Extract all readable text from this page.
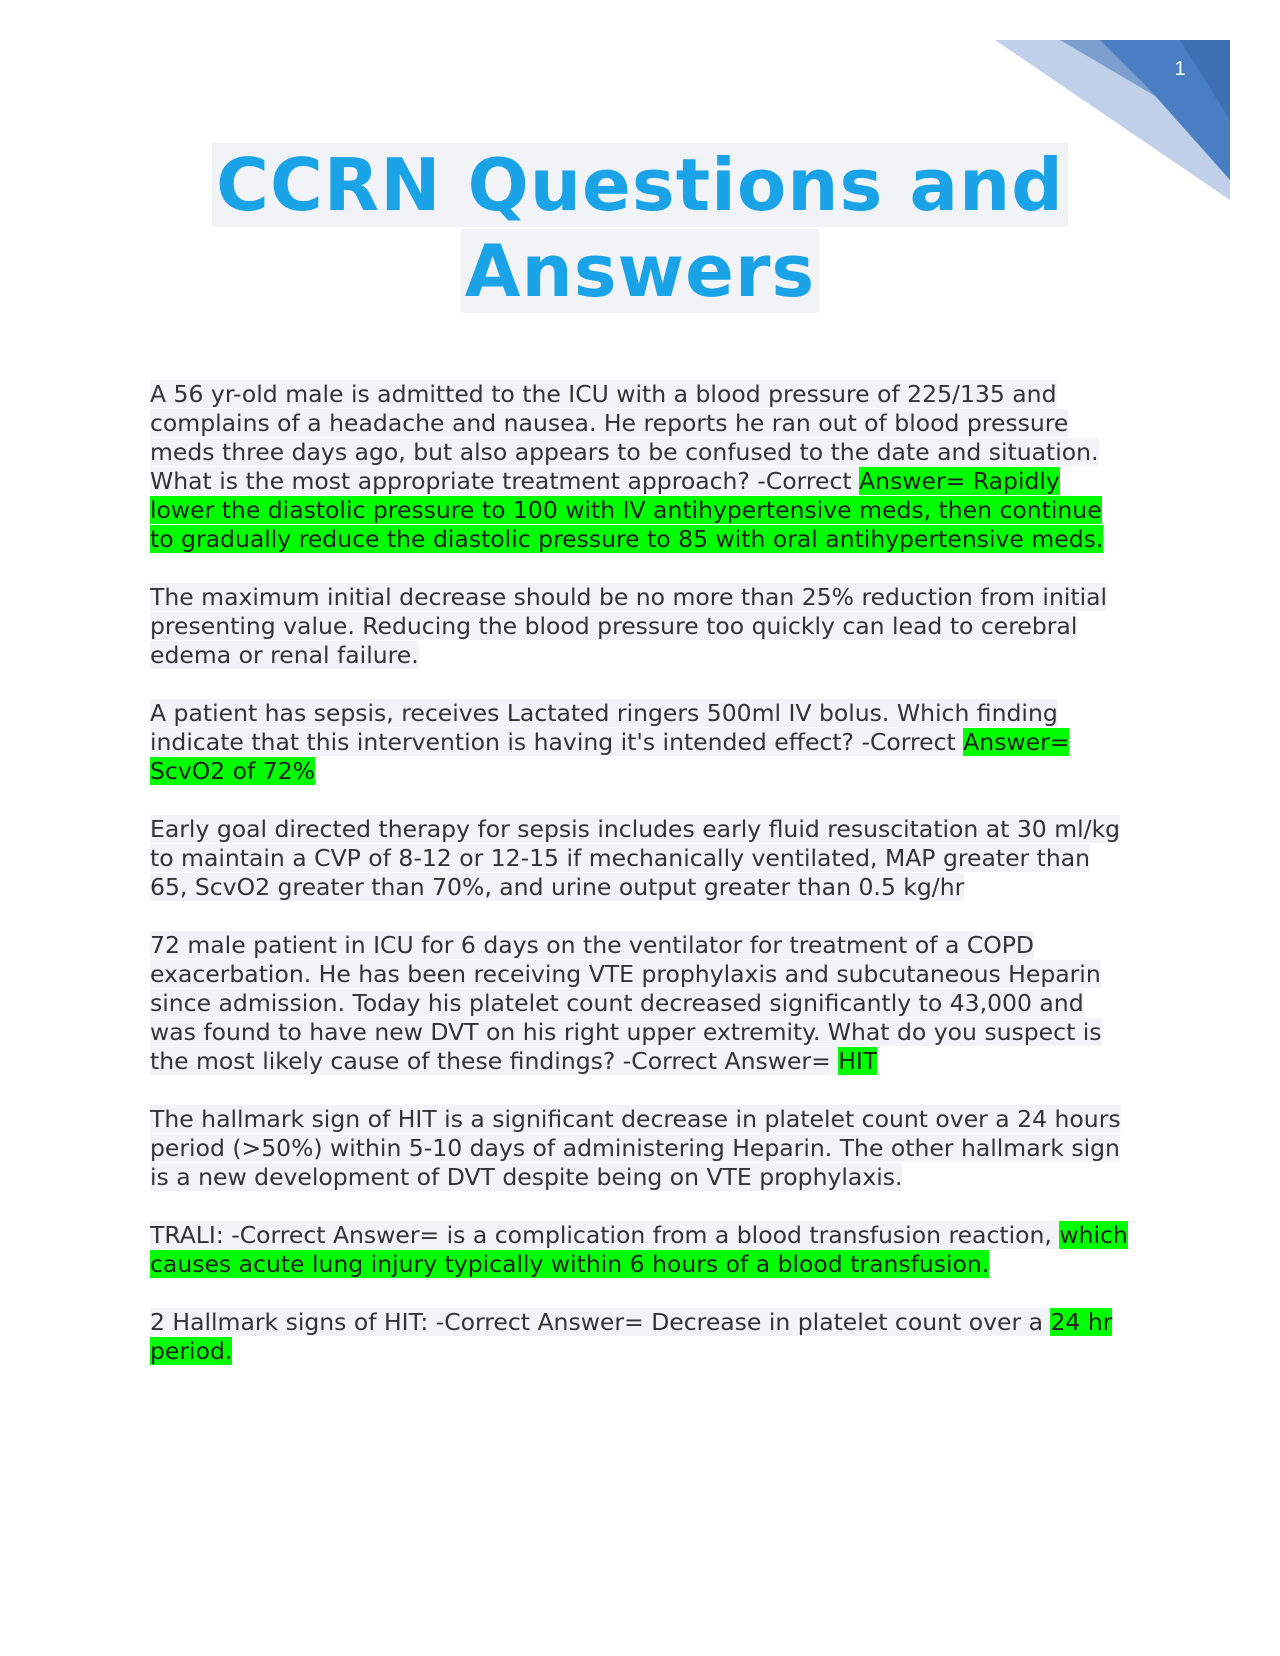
1
CCRN Questions and
Answers

A 56 yr-old male is admitted to the ICU with a blood pressure of 225/135 and complains of a headache and nausea. He reports he ran out of blood pressure meds three days ago, but also appears to be confused to the date and situation. What is the most appropriate treatment approach? -Correct Answer= Rapidly lower the diastolic pressure to 100 with IV antihypertensive meds, then continue to gradually reduce the diastolic pressure to 85 with oral antihypertensive meds.

The maximum initial decrease should be no more than 25% reduction from initial presenting value. Reducing the blood pressure too quickly can lead to cerebral edema or renal failure.

A patient has sepsis, receives Lactated ringers 500ml IV bolus. Which finding indicate that this intervention is having it's intended effect? -Correct Answer= ScvO2 of 72%

Early goal directed therapy for sepsis includes early fluid resuscitation at 30 ml/kg to maintain a CVP of 8-12 or 12-15 if mechanically ventilated, MAP greater than 65, ScvO2 greater than 70%, and urine output greater than 0.5 kg/hr

72 male patient in ICU for 6 days on the ventilator for treatment of a COPD exacerbation. He has been receiving VTE prophylaxis and subcutaneous Heparin since admission. Today his platelet count decreased significantly to 43,000 and was found to have new DVT on his right upper extremity. What do you suspect is the most likely cause of these findings? -Correct Answer= HIT

The hallmark sign of HIT is a significant decrease in platelet count over a 24 hours period (>50%) within 5-10 days of administering Heparin. The other hallmark sign is a new development of DVT despite being on VTE prophylaxis.

TRALI: -Correct Answer= is a complication from a blood transfusion reaction, which causes acute lung injury typically within 6 hours of a blood transfusion.

2 Hallmark signs of HIT: -Correct Answer= Decrease in platelet count over a 24 hr period.
